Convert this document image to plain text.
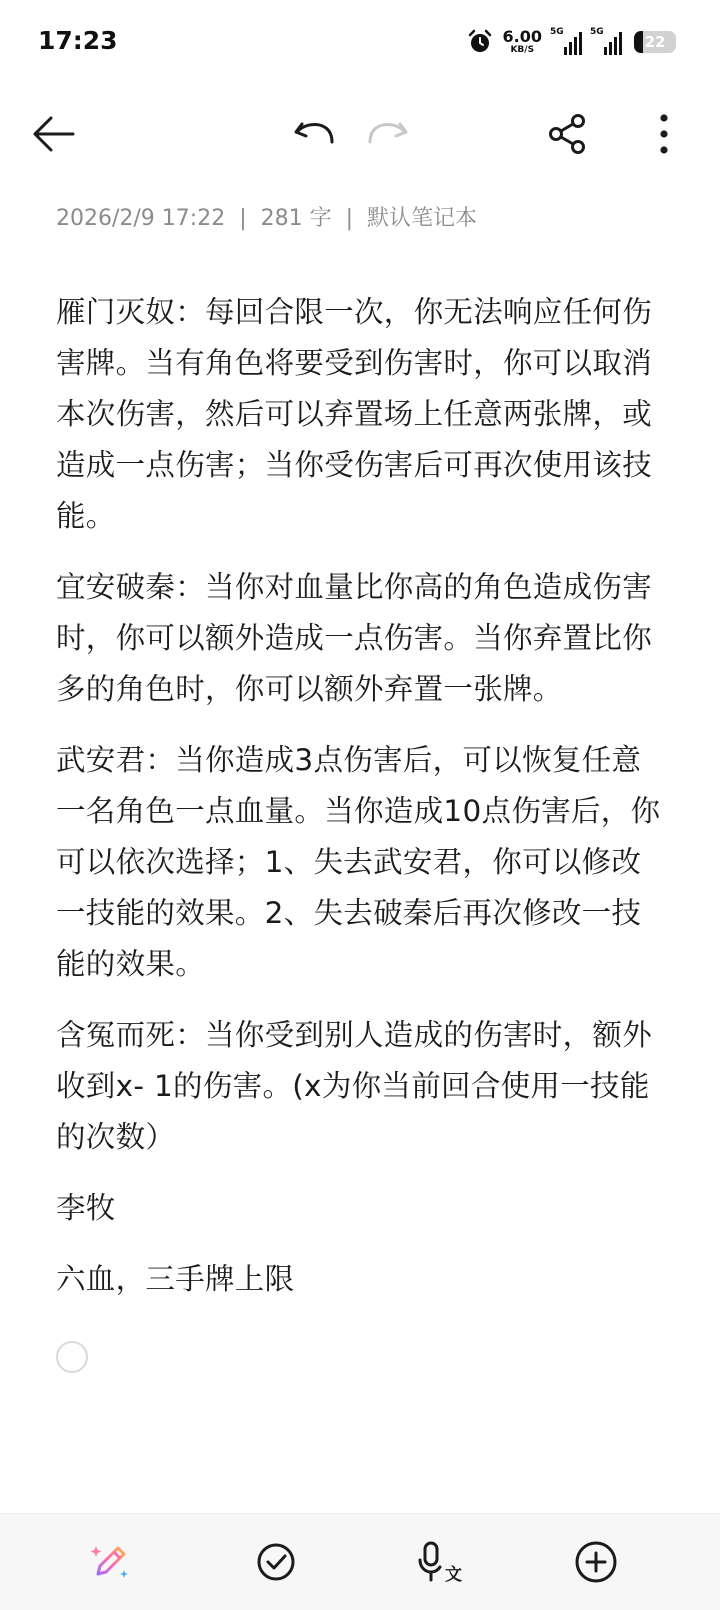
17:23	6.00
KB/S
5G	5G
22
2026/2/9 17:22 | 281 字 | 默认笔记本

雁门灭奴：每回合限一次，你无法响应任何伤害牌。当有角色将要受到伤害时，你可以取消本次伤害，然后可以弃置场上任意两张牌，或造成一点伤害；当你受伤害后可再次使用该技能。

宜安破秦：当你对血量比你高的角色造成伤害时，你可以额外造成一点伤害。当你弃置比你多的角色时，你可以额外弃置一张牌。

武安君：当你造成3点伤害后，可以恢复任意一名角色一点血量。当你造成10点伤害后，你可以依次选择；1、失去武安君，你可以修改一技能的效果。2、失去破秦后再次修改一技能的效果。

含冤而死：当你受到别人造成的伤害时，额外收到x- 1的伤害。(x为你当前回合使用一技能的次数）

李牧

六血，三手牌上限

文
